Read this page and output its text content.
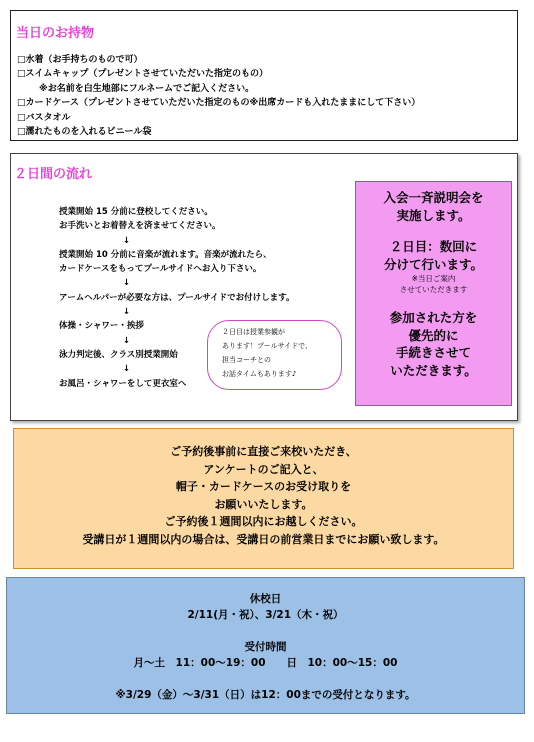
当日のお持物
□水着（お手持ちのもので可）
□スイムキャップ（プレゼントさせていただいた指定のもの）
※お名前を白生地部にフルネームでご記入ください。
□カードケース（プレゼントさせていただいた指定のもの※出席カードも入れたままにして下さい）
□バスタオル
□濡れたものを入れるビニール袋
２日間の流れ
授業開始 15 分前に登校してください。
お手洗いとお着替えを済ませてください。
↓
授業開始 10 分前に音楽が流れます。音楽が流れたら、
カードケースをもってプールサイドへお入り下さい。
↓
アームヘルパーが必要な方は、プールサイドでお付けします。
↓
体操・シャワー・挨拶
↓
泳力判定後、クラス別授業開始
↓
お風呂・シャワーをして更衣室へ
２日目は授業参観が
あります！プールサイドで、
担当コーチとの
お話タイムもあります♪
入会一斉説明会を
実施します。
２日目：数回に
分けて行います。
※当日ご案内
させていただきます
参加された方を
優先的に
手続きさせて
いただきます。
ご予約後事前に直接ご来校いただき、
アンケートのご記入と、
帽子・カードケースのお受け取りを
お願いいたします。
ご予約後１週間以内にお越しください。
受講日が１週間以内の場合は、受講日の前営業日までにお願い致します。
休校日
2/11(月・祝）、3/21（木・祝）
受付時間
月～土　11：00～19：00　　日　10：00～15：00
※3/29（金）～3/31（日）は12：00までの受付となります。
